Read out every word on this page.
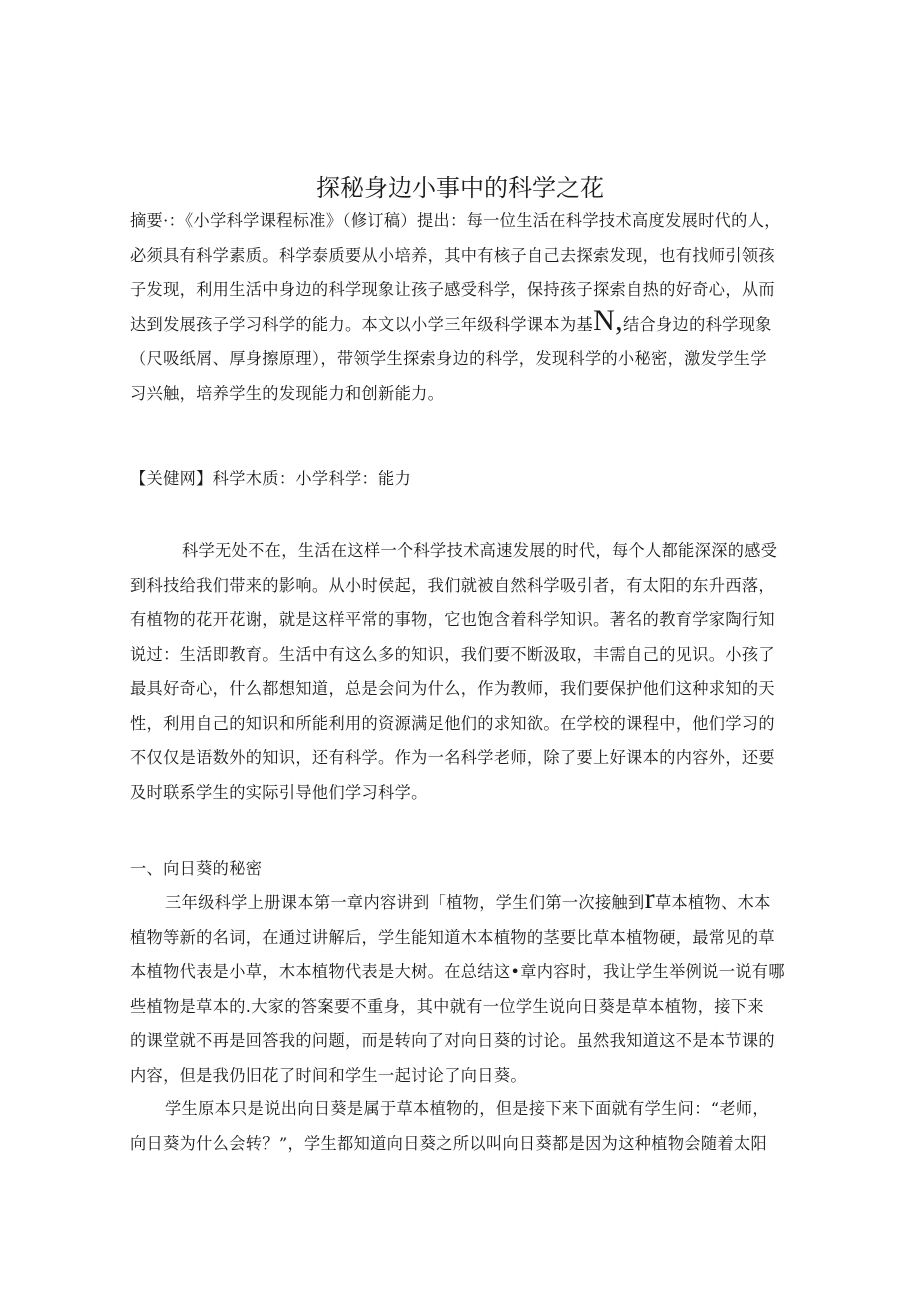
探秘身边小事中的科学之花
摘要·：《小学科学课程标准》（修订稿）提出：每一位生活在科学技术高度发展时代的人，
必须具有科学素质。科学泰质要从小培养，其中有核子自己去探索发现，也有找师引领孩
子发现，利用生活中身边的科学现象让孩子感受科学，保持孩子探索自热的好奇心，从而
达到发展孩子学习科学的能力。本文以小学三年级科学课本为基N,结合身边的科学现象
（尺吸纸屑、厚身擦原理），带领学生探索身边的科学，发现科学的小秘密，激发学生学
习兴触，培养学生的发现能力和创新能力。
【关健网】科学木质：小学科学：能力
科学无处不在，生活在这样一个科学技术高速发展的时代，每个人都能深深的感受
到科技给我们带来的影响。从小时侯起，我们就被自然科学吸引者，有太阳的东升西落，
有植物的花开花谢，就是这样平常的事物，它也饱含着科学知识。著名的教育学家陶行知
说过：生活即教育。生活中有这么多的知识，我们要不断汲取，丰需自己的见识。小孩了
最具好奇心，什么都想知道，总是会问为什么，作为教师，我们要保护他们这种求知的天
性，利用自己的知识和所能利用的资源满足他们的求知欲。在学校的课程中，他们学习的
不仅仅是语数外的知识，还有科学。作为一名科学老师，除了要上好课本的内容外，还要
及时联系学生的实际引导他们学习科学。
一、向日葵的秘密
三年级科学上册课本第一章内容讲到「植物，学生们第一次接触到r草本植物、木本
植物等新的名词，在通过讲解后，学生能知道木本植物的茎要比草本植物硬，最常见的草
本植物代表是小草，木本植物代表是大树。在总结这•章内容时，我让学生举例说一说有哪
些植物是草本的.大家的答案要不重身，其中就有一位学生说向日葵是草本植物，接下来
的课堂就不再是回答我的问题，而是转向了对向日葵的讨论。虽然我知道这不是本节课的
内容，但是我仍旧花了时间和学生一起讨论了向日葵。
学生原本只是说出向日葵是属于草本植物的，但是接下来下面就有学生问：“老师，
向日葵为什么会转？”，学生都知道向日葵之所以叫向日葵都是因为这种植物会随着太阳
